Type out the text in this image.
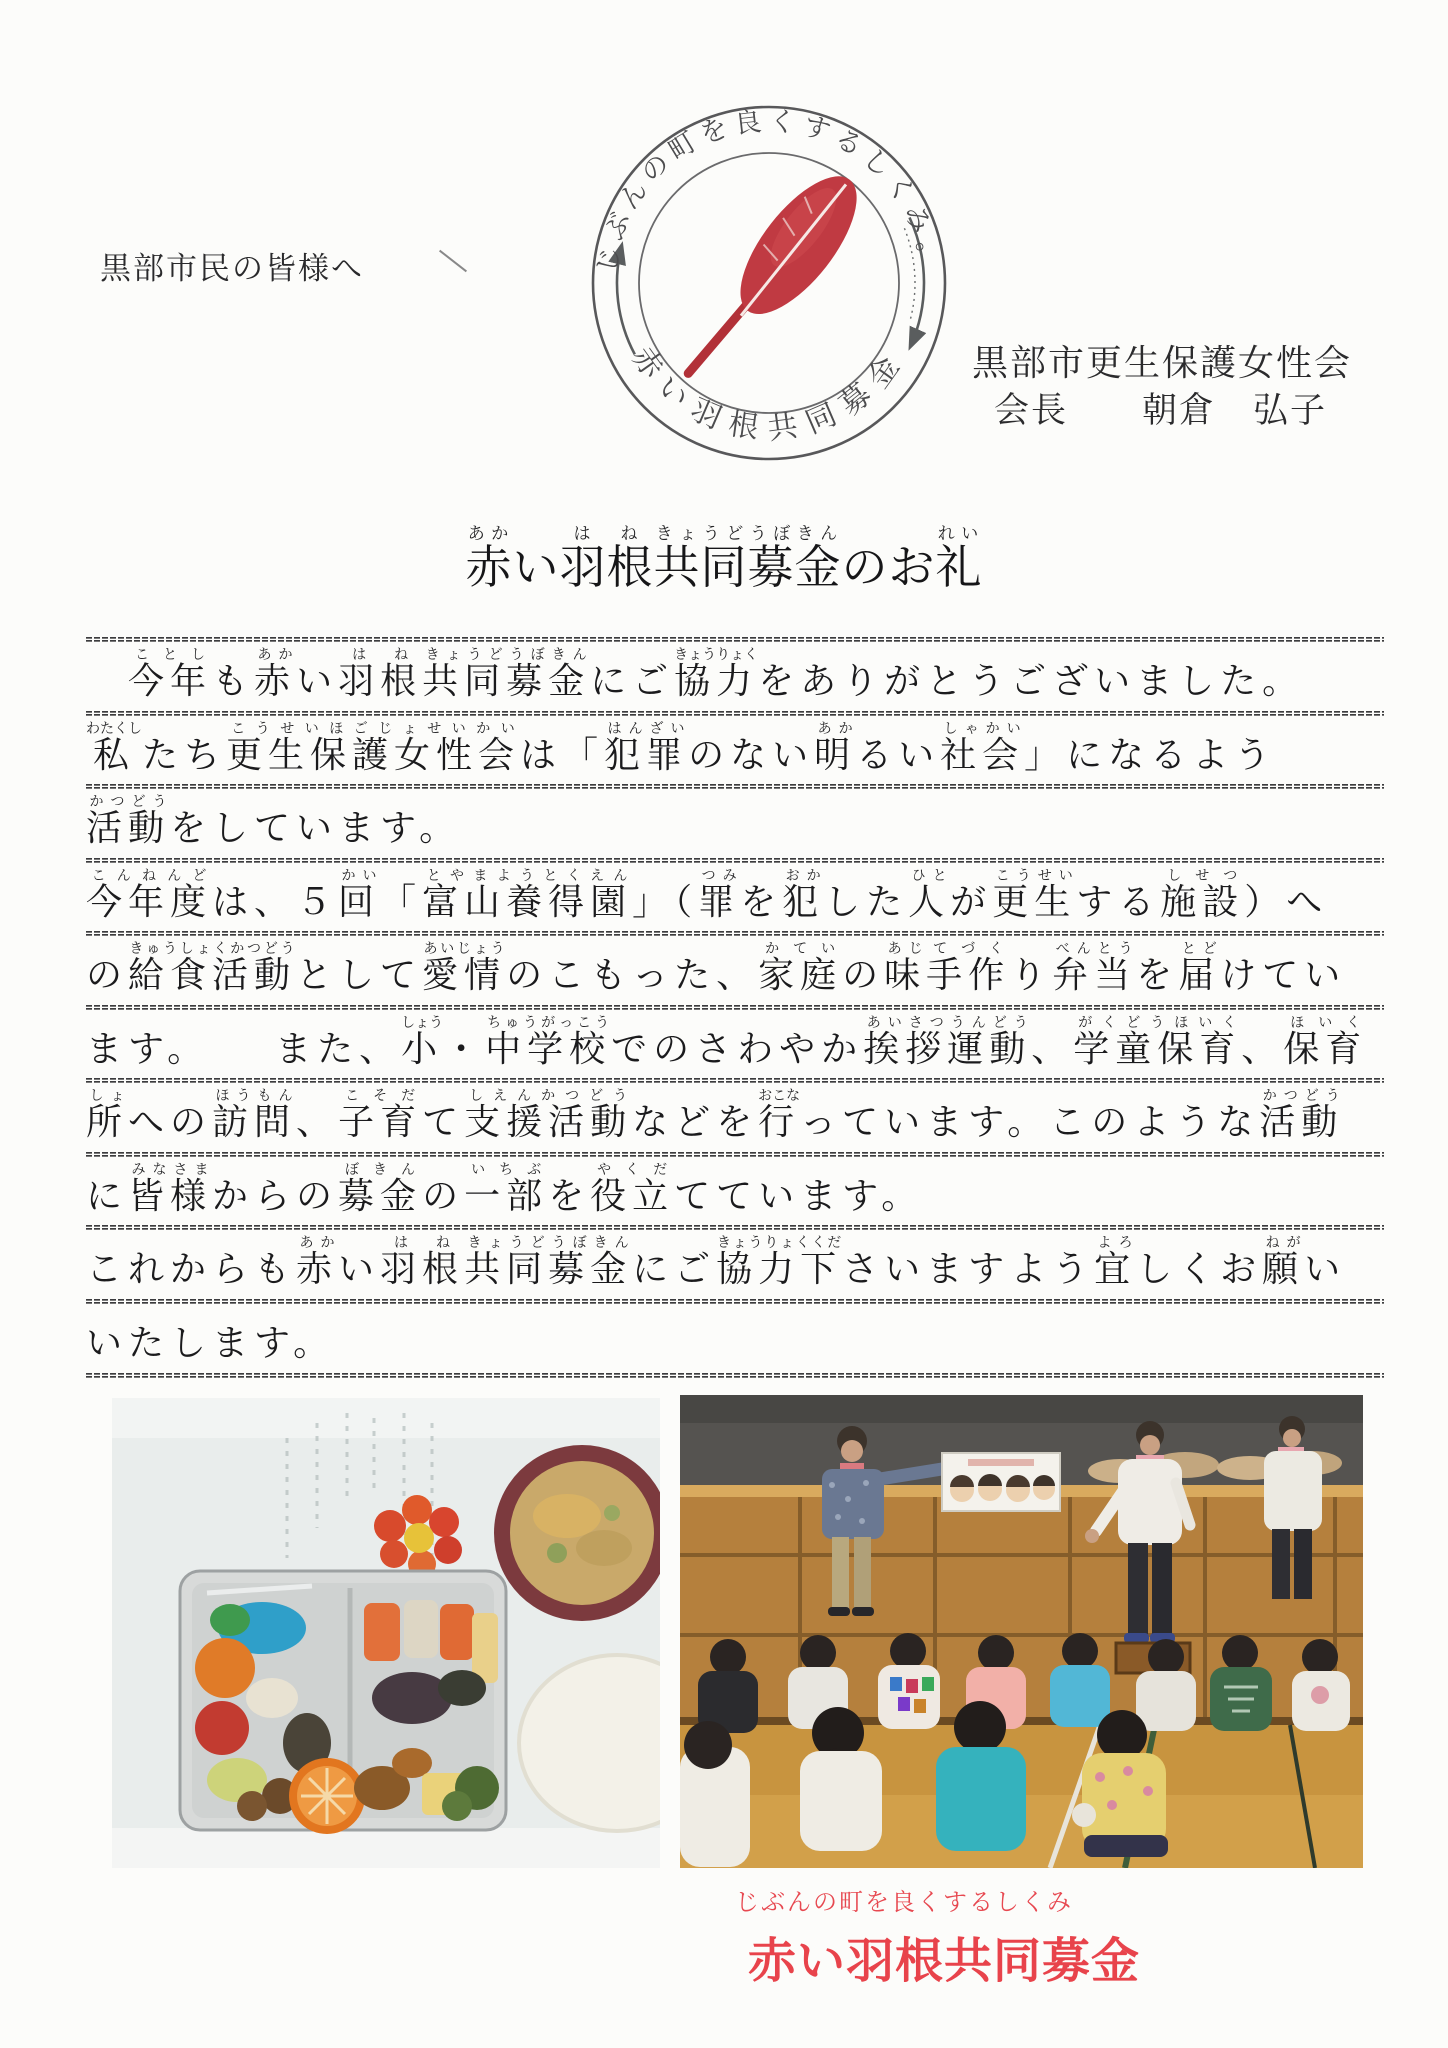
黒部市民の皆様へ	じぶんの町を良くするしくみ。
赤い羽根共同募金 黒部市更生保護女性会
会長　　朝倉　弘子
赤あかい羽根はね共同募金きょうどうぼきんのお礼れい

今年ことし
も 赤あか
い 羽根はね
共同募金きょうどうぼきん
にご 協力きょうりょく
をありがとうございました。
私わたくし
たち 更生保護女性会こうせいほごじょせいかい
は「 犯罪はんざい
のない 明あか
るい 社会しゃかい
」になるよう
活動かつどう
をしています。
今年度こんねんど
は、５ 回かい
「 富山養得園とやまようとくえん
」（ 罪つみ
を 犯おか
した 人ひと
が 更生こうせい
する 施設しせつ
）へ
の 給食活動きゅうしょくかつどう
として 愛情あいじょう
のこもった、 家庭かてい
の 味あじ
手作てづく
り 弁当べんとう
を 届とど
けてい
ます。　　また、 小しょう
・ 中学校ちゅうがっこう
でのさわやか 挨拶運動あいさつうんどう
、 学童保育がくどうほいく
、 保育ほいく
所しょ
への 訪問ほうもん
、 子育こそだ
て 支援活動しえんかつどう
などを 行おこな
っています。このような 活動かつどう
に 皆様みなさま
からの 募金ぼきん
の 一部いちぶ
を 役立やくだ
てています。
これからも 赤あか
い 羽根はね
共同募金きょうどうぼきん
にご 協力下きょうりょくくだ
さいますよう 宜よろ
しくお 願ねが
い
いたします。
じぶんの町を良くするしくみ
赤い羽根共同募金
